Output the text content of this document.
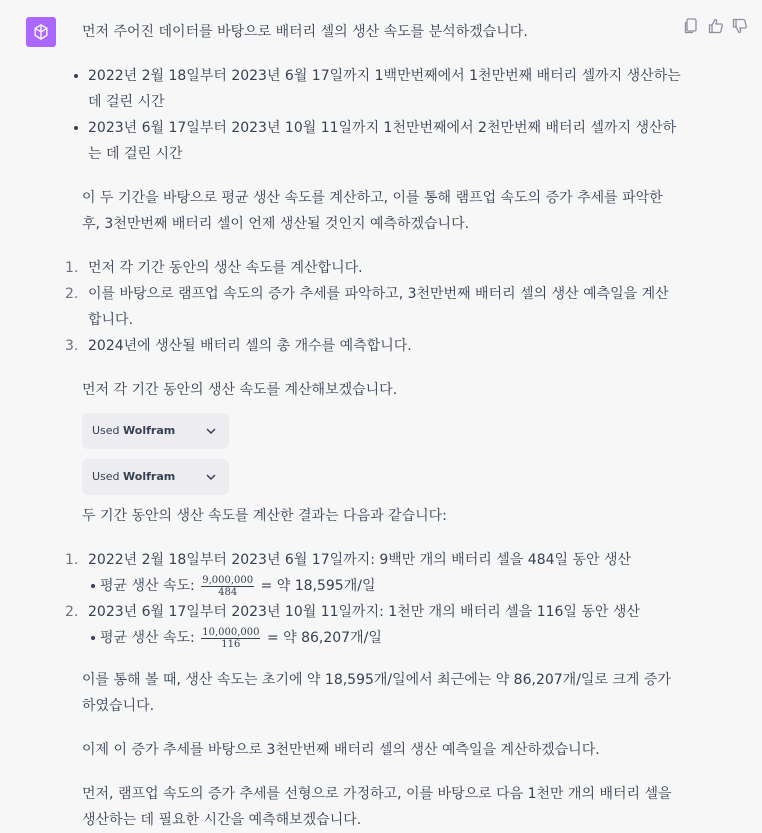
먼저 주어진 데이터를 바탕으로 배터리 셀의 생산 속도를 분석하겠습니다.

2022년 2월 18일부터 2023년 6월 17일까지 1백만번째에서 1천만번째 배터리 셀까지 생산하는 데 걸린 시간
2023년 6월 17일부터 2023년 10월 11일까지 1천만번째에서 2천만번째 배터리 셀까지 생산하는 데 걸린 시간

이 두 기간을 바탕으로 평균 생산 속도를 계산하고, 이를 통해 램프업 속도의 증가 추세를 파악한 후, 3천만번째 배터리 셀이 언제 생산될 것인지 예측하겠습니다.

1. 먼저 각 기간 동안의 생산 속도를 계산합니다.
2. 이를 바탕으로 램프업 속도의 증가 추세를 파악하고, 3천만번째 배터리 셀의 생산 예측일을 계산합니다.
3. 2024년에 생산될 배터리 셀의 총 개수를 예측합니다.

먼저 각 기간 동안의 생산 속도를 계산해보겠습니다.

Used Wolfram
Used Wolfram

두 기간 동안의 생산 속도를 계산한 결과는 다음과 같습니다:

1. 2022년 2월 18일부터 2023년 6월 17일까지: 9백만 개의 배터리 셀을 484일 동안 생산
평균 생산 속도: $\frac{9,000,000}{484}$ = 약 18,595개/일
2. 2023년 6월 17일부터 2023년 10월 11일까지: 1천만 개의 배터리 셀을 116일 동안 생산
평균 생산 속도: $\frac{10,000,000}{116}$ = 약 86,207개/일

이를 통해 볼 때, 생산 속도는 초기에 약 18,595개/일에서 최근에는 약 86,207개/일로 크게 증가하였습니다.

이제 이 증가 추세를 바탕으로 3천만번째 배터리 셀의 생산 예측일을 계산하겠습니다.

먼저, 램프업 속도의 증가 추세를 선형으로 가정하고, 이를 바탕으로 다음 1천만 개의 배터리 셀을 생산하는 데 필요한 시간을 예측해보겠습니다.
